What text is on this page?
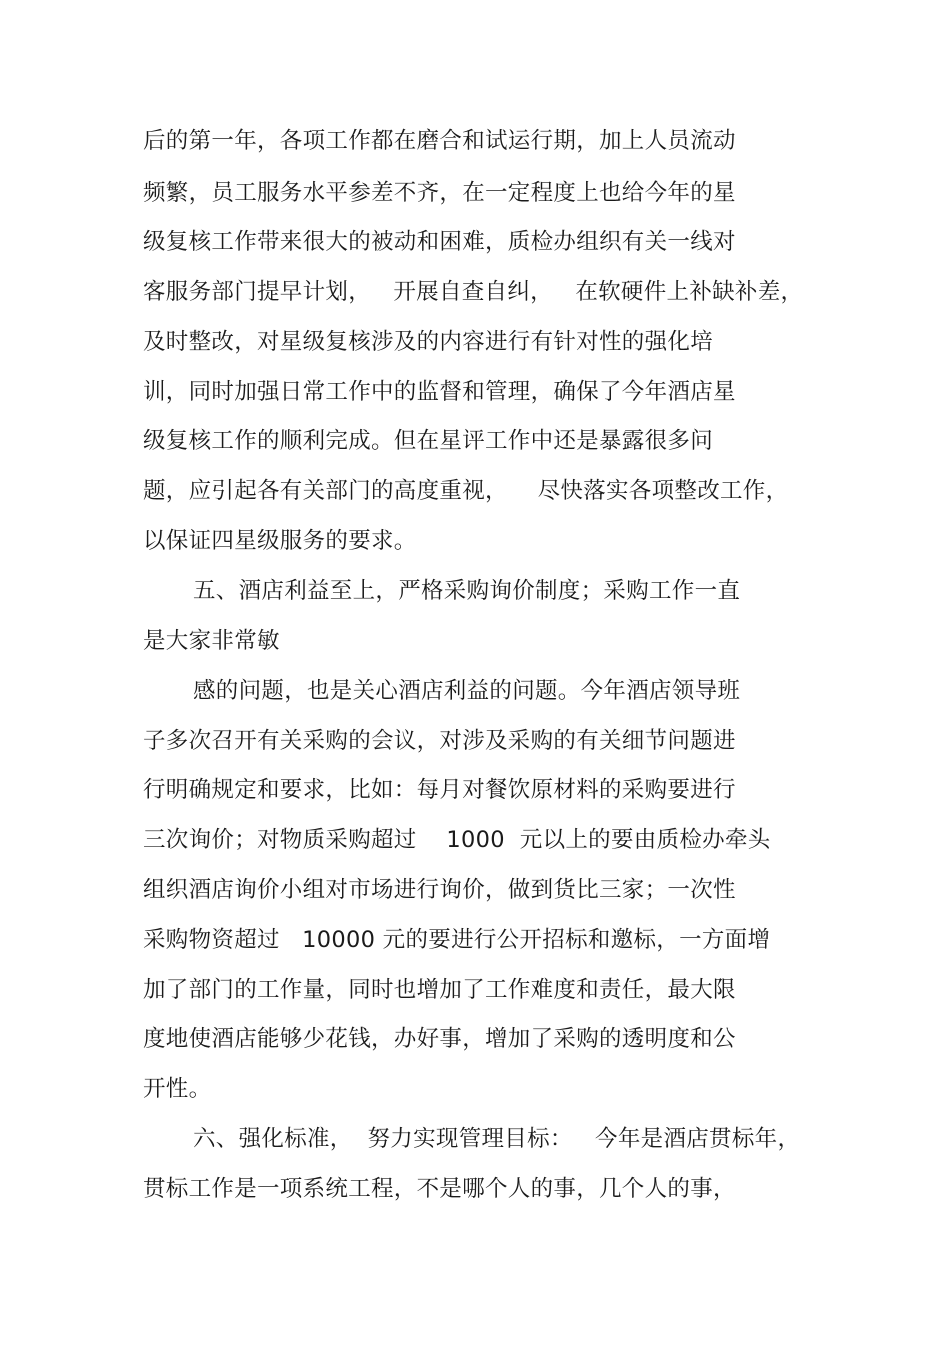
后的第一年，各项工作都在磨合和试运行期，加上人员流动
频繁，员工服务水平参差不齐，在一定程度上也给今年的星
级复核工作带来很大的被动和困难，质检办组织有关一线对
客服务部门提早计划，   开展自查自纠，   在软硬件上补缺补差，
及时整改，对星级复核涉及的内容进行有针对性的强化培
训，同时加强日常工作中的监督和管理，确保了今年酒店星
级复核工作的顺利完成。但在星评工作中还是暴露很多问
题，应引起各有关部门的高度重视，    尽快落实各项整改工作，
以保证四星级服务的要求。
五、酒店利益至上，严格采购询价制度；采购工作一直
是大家非常敏
感的问题，也是关心酒店利益的问题。今年酒店领导班
子多次召开有关采购的会议，对涉及采购的有关细节问题进
行明确规定和要求，比如：每月对餐饮原材料的采购要进行
三次询价；对物质采购超过    1000  元以上的要由质检办牵头
组织酒店询价小组对市场进行询价，做到货比三家；一次性
采购物资超过   10000 元的要进行公开招标和邀标，一方面增
加了部门的工作量，同时也增加了工作难度和责任，最大限
度地使酒店能够少花钱，办好事，增加了采购的透明度和公
开性。
六、强化标准，  努力实现管理目标：   今年是酒店贯标年，
贯标工作是一项系统工程，不是哪个人的事，几个人的事，
